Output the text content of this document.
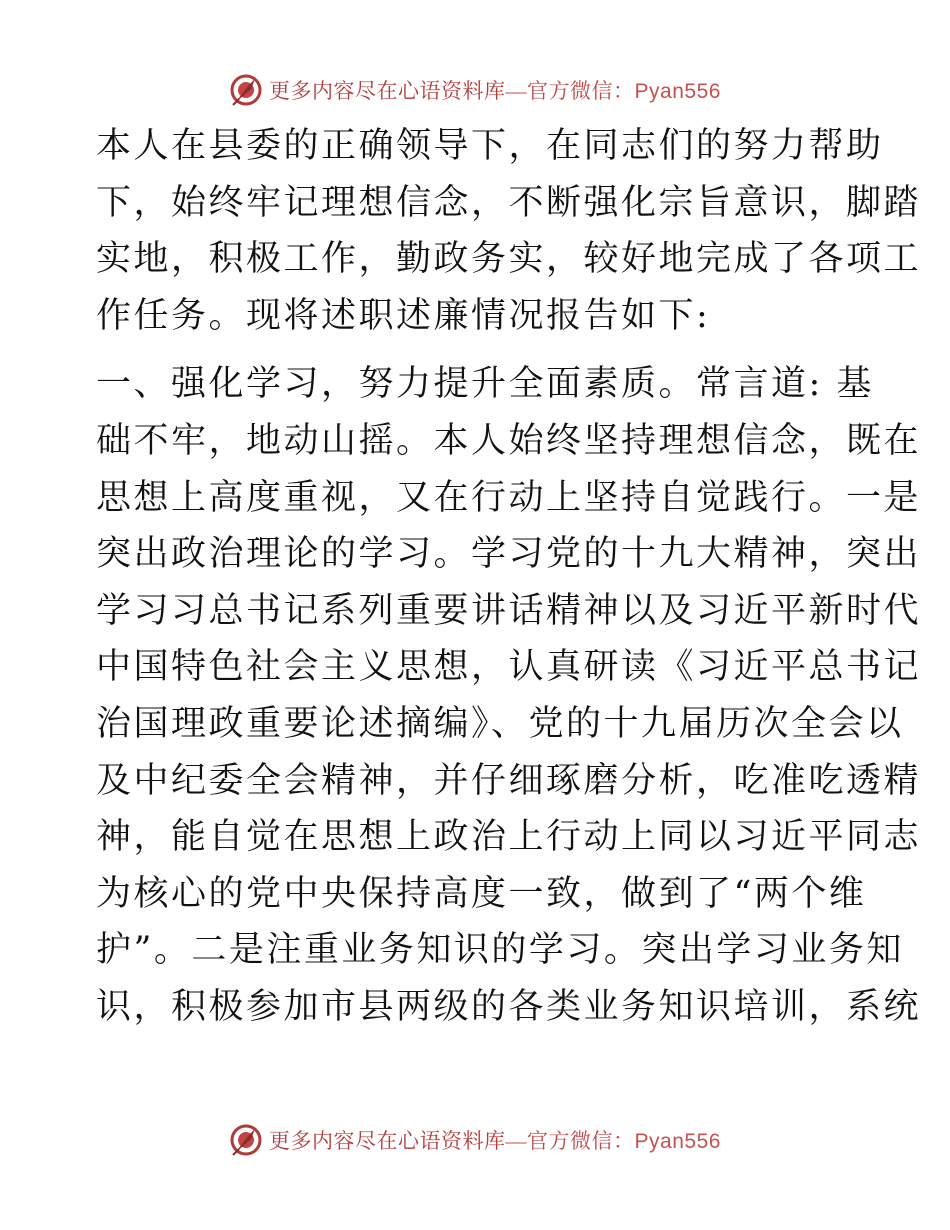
更多内容尽在心语资料库—官方微信：Pyan556

本人在县委的正确领导下，在同志们的努力帮助
下，始终牢记理想信念，不断强化宗旨意识，脚踏
实地，积极工作，勤政务实，较好地完成了各项工
作任务。现将述职述廉情况报告如下:

一、强化学习，努力提升全面素质。常言道: 基
础不牢，地动山摇。本人始终坚持理想信念，既在
思想上高度重视，又在行动上坚持自觉践行。一是
突出政治理论的学习。学习党的十九大精神，突出
学习习总书记系列重要讲话精神以及习近平新时代
中国特色社会主义思想，认真研读《习近平总书记
治国理政重要论述摘编》、党的十九届历次全会以
及中纪委全会精神，并仔细琢磨分析，吃准吃透精
神，能自觉在思想上政治上行动上同以习近平同志
为核心的党中央保持高度一致，做到了“两个维
护”。二是注重业务知识的学习。突出学习业务知
识，积极参加市县两级的各类业务知识培训，系统

更多内容尽在心语资料库—官方微信：Pyan556
